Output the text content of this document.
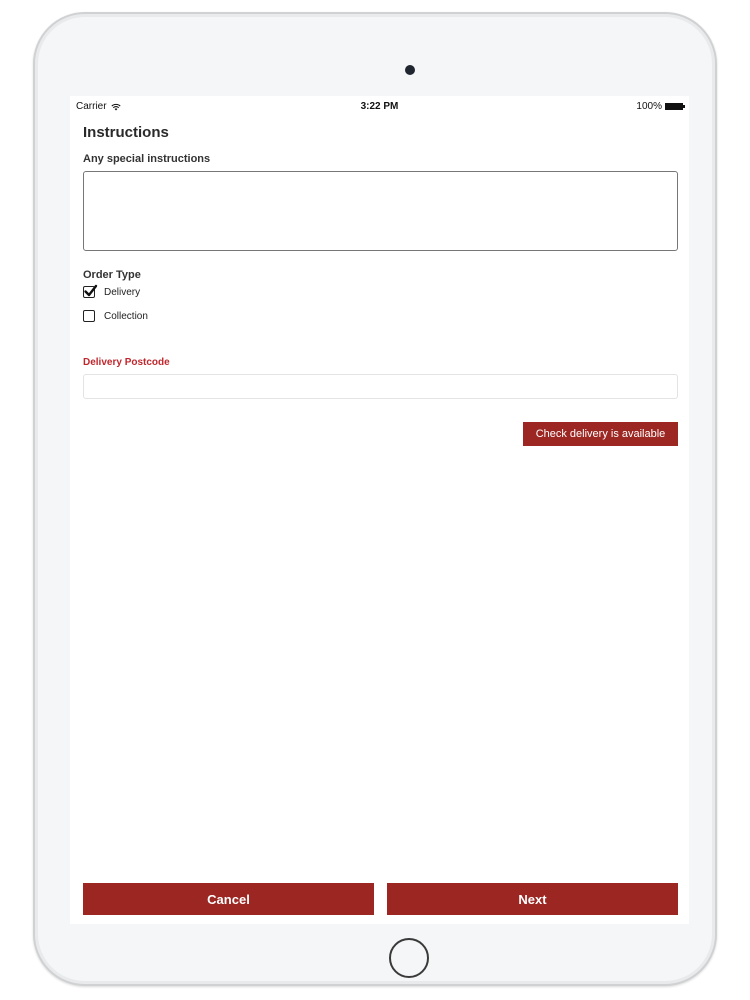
Carrier	3:22 PM	100%
Instructions
Any special instructions
Order Type
Delivery
Collection
Delivery Postcode
Check delivery is available
Cancel	Next
